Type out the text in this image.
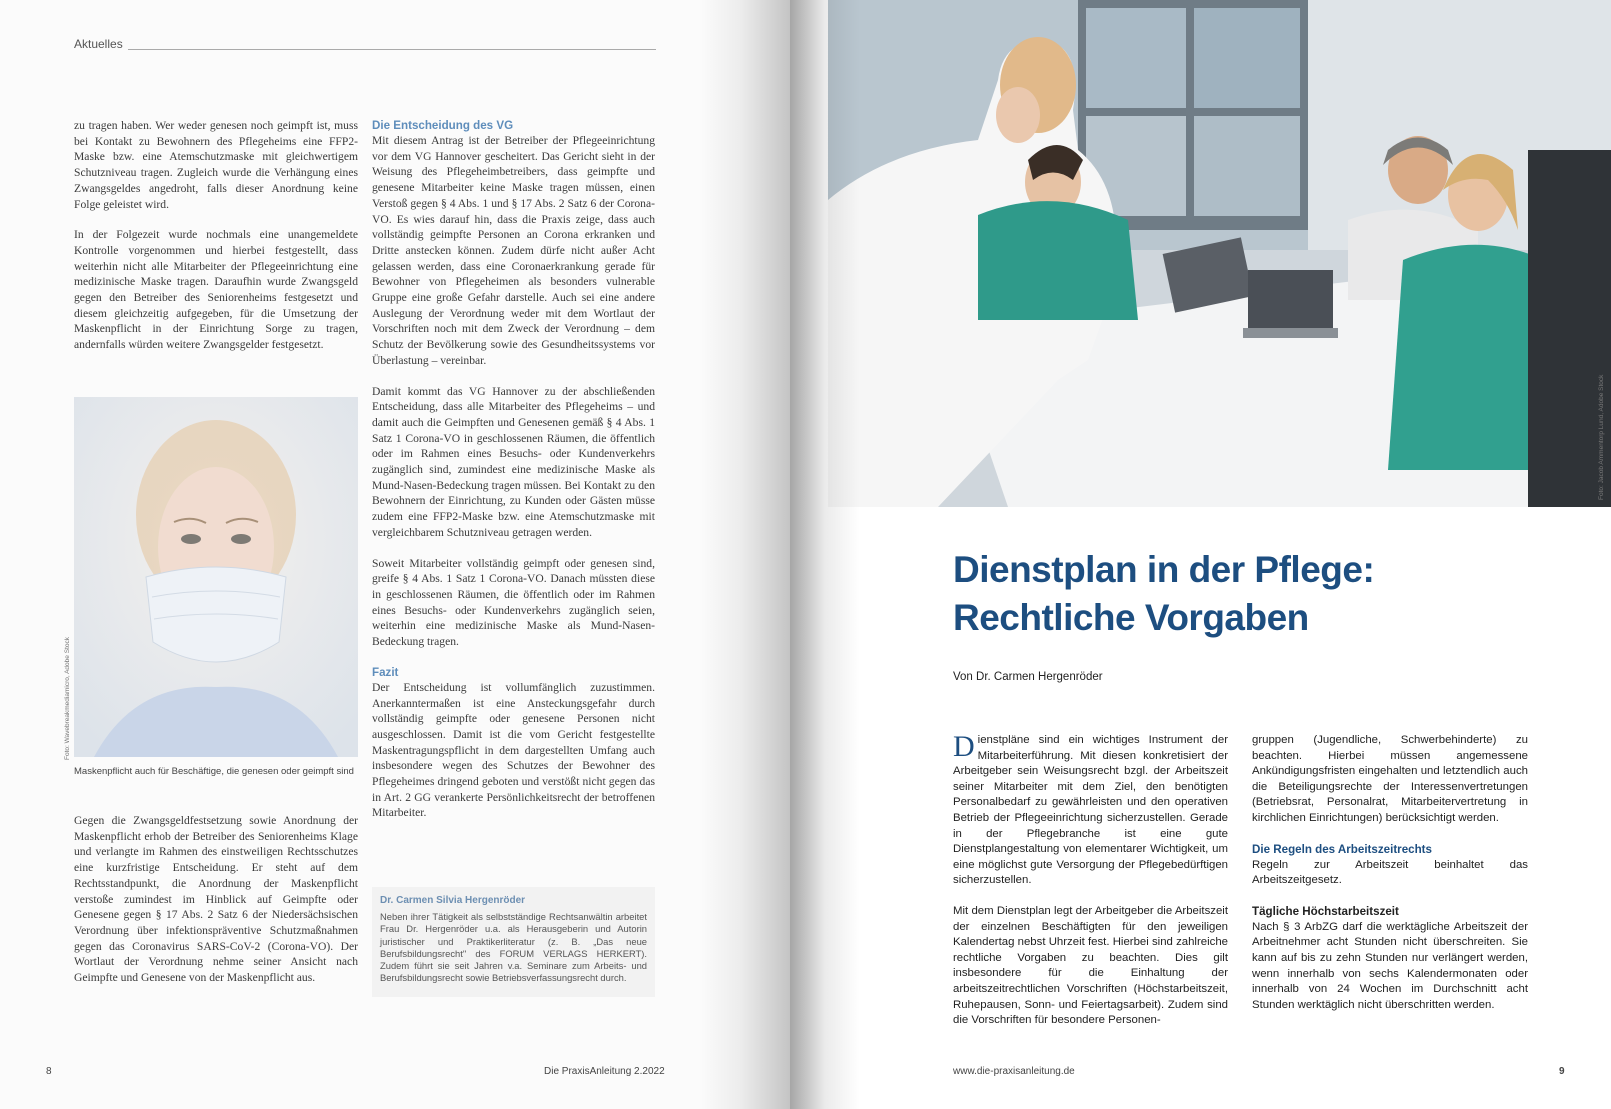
Aktuelles

zu tragen haben. Wer weder genesen noch geimpft ist, muss bei Kontakt zu Bewohnern des Pflegeheims eine FFP2-Maske bzw. eine Atemschutzmaske mit gleichwertigem Schutzniveau tragen. Zugleich wurde die Verhängung eines Zwangsgeldes angedroht, falls dieser Anordnung keine Folge geleistet wird.

In der Folgezeit wurde nochmals eine unangemeldete Kontrolle vorgenommen und hierbei festgestellt, dass weiterhin nicht alle Mitarbeiter der Pflegeeinrichtung eine medizinische Maske tragen. Daraufhin wurde Zwangsgeld gegen den Betreiber des Seniorenheims festgesetzt und diesem gleichzeitig aufgegeben, für die Umsetzung der Maskenpflicht in der Einrichtung Sorge zu tragen, andernfalls würden weitere Zwangsgelder festgesetzt.

Foto: Wavebreakmediamicro, Adobe Stock
Maskenpflicht auch für Beschäftige, die genesen oder geimpft sind

Gegen die Zwangsgeldfestsetzung sowie Anordnung der Maskenpflicht erhob der Betreiber des Seniorenheims Klage und verlangte im Rahmen des einstweiligen Rechtsschutzes eine kurzfristige Entscheidung. Er steht auf dem Rechtsstandpunkt, die Anordnung der Maskenpflicht verstoße zumindest im Hinblick auf Geimpfte oder Genesene gegen § 17 Abs. 2 Satz 6 der Niedersächsischen Verordnung über infektionspräventive Schutzmaßnahmen gegen das Coronavirus SARS-CoV-2 (Corona-VO). Der Wortlaut der Verordnung nehme seiner Ansicht nach Geimpfte und Genesene von der Maskenpflicht aus.

Die Entscheidung des VG

Mit diesem Antrag ist der Betreiber der Pflegeeinrichtung vor dem VG Hannover gescheitert. Das Gericht sieht in der Weisung des Pflegeheimbetreibers, dass geimpfte und genesene Mitarbeiter keine Maske tragen müssen, einen Verstoß gegen § 4 Abs. 1 und § 17 Abs. 2 Satz 6 der Corona-VO. Es wies darauf hin, dass die Praxis zeige, dass auch vollständig geimpfte Personen an Corona erkranken und Dritte anstecken können. Zudem dürfe nicht außer Acht gelassen werden, dass eine Coronaerkrankung gerade für Bewohner von Pflegeheimen als besonders vulnerable Gruppe eine große Gefahr darstelle. Auch sei eine andere Auslegung der Verordnung weder mit dem Wortlaut der Vorschriften noch mit dem Zweck der Verordnung – dem Schutz der Bevölkerung sowie des Gesundheitssystems vor Überlastung – vereinbar.

Damit kommt das VG Hannover zu der abschließenden Entscheidung, dass alle Mitarbeiter des Pflegeheims – und damit auch die Geimpften und Genesenen gemäß § 4 Abs. 1 Satz 1 Corona-VO in geschlossenen Räumen, die öffentlich oder im Rahmen eines Besuchs- oder Kundenverkehrs zugänglich sind, zumindest eine medizinische Maske als Mund-Nasen-Bedeckung tragen müssen. Bei Kontakt zu den Bewohnern der Einrichtung, zu Kunden oder Gästen müsse zudem eine FFP2-Maske bzw. eine Atemschutzmaske mit vergleichbarem Schutzniveau getragen werden.

Soweit Mitarbeiter vollständig geimpft oder genesen sind, greife § 4 Abs. 1 Satz 1 Corona-VO. Danach müssten diese in geschlossenen Räumen, die öffentlich oder im Rahmen eines Besuchs- oder Kundenverkehrs zugänglich seien, weiterhin eine medizinische Maske als Mund-Nasen-Bedeckung tragen.

Fazit

Der Entscheidung ist vollumfänglich zuzustimmen. Anerkanntermaßen ist eine Ansteckungsgefahr durch vollständig geimpfte oder genesene Personen nicht ausgeschlossen. Damit ist die vom Gericht festgestellte Maskentragungspflicht in dem dargestellten Umfang auch insbesondere wegen des Schutzes der Bewohner des Pflegeheimes dringend geboten und verstößt nicht gegen das in Art. 2 GG verankerte Persönlichkeitsrecht der betroffenen Mitarbeiter.

Dr. Carmen Silvia Hergenröder
Neben ihrer Tätigkeit als selbstständige Rechtsanwältin arbeitet Frau Dr. Hergenröder u.a. als Herausgeberin und Autorin juristischer und Praktikerliteratur (z. B. „Das neue Berufsbildungsrecht" des FORUM VERLAGS HERKERT). Zudem führt sie seit Jahren v.a. Seminare zum Arbeits- und Berufsbildungsrecht sowie Betriebsverfassungsrecht durch.
8	Die PraxisAnleitung 2.2022
Foto: Jacob Ammentorp Lund, Adobe Stock
Dienstplan in der Pflege:
Rechtliche Vorgaben
Von Dr. Carmen Hergenröder

Dienstpläne sind ein wichtiges Instrument der Mitarbeiterführung. Mit diesen konkretisiert der Arbeitgeber sein Weisungsrecht bzgl. der Arbeitszeit seiner Mitarbeiter mit dem Ziel, den benötigten Personalbedarf zu gewährleisten und den operativen Betrieb der Pflegeeinrichtung sicherzustellen. Gerade in der Pflegebranche ist eine gute Dienstplangestaltung von elementarer Wichtigkeit, um eine möglichst gute Versorgung der Pflegebedürftigen sicherzustellen.

Mit dem Dienstplan legt der Arbeitgeber die Arbeitszeit der einzelnen Beschäftigten für den jeweiligen Kalendertag nebst Uhrzeit fest. Hierbei sind zahlreiche rechtliche Vorgaben zu beachten. Dies gilt insbesondere für die Einhaltung der arbeitszeitrechtlichen Vorschriften (Höchstarbeitszeit, Ruhepausen, Sonn- und Feiertagsarbeit). Zudem sind die Vorschriften für besondere Personen-

gruppen (Jugendliche, Schwerbehinderte) zu beachten. Hierbei müssen angemessene Ankündigungsfristen eingehalten und letztendlich auch die Beteiligungsrechte der Interessenvertretungen (Betriebsrat, Personalrat, Mitarbeitervertretung in kirchlichen Einrichtungen) berücksichtigt werden.

Die Regeln des Arbeitszeitrechts

Regeln zur Arbeitszeit beinhaltet das Arbeitszeitgesetz.

Tägliche Höchstarbeitszeit

Nach § 3 ArbZG darf die werktägliche Arbeitszeit der Arbeitnehmer acht Stunden nicht überschreiten. Sie kann auf bis zu zehn Stunden nur verlängert werden, wenn innerhalb von sechs Kalendermonaten oder innerhalb von 24 Wochen im Durchschnitt acht Stunden werktäglich nicht überschritten werden.

www.die-praxisanleitung.de	9
